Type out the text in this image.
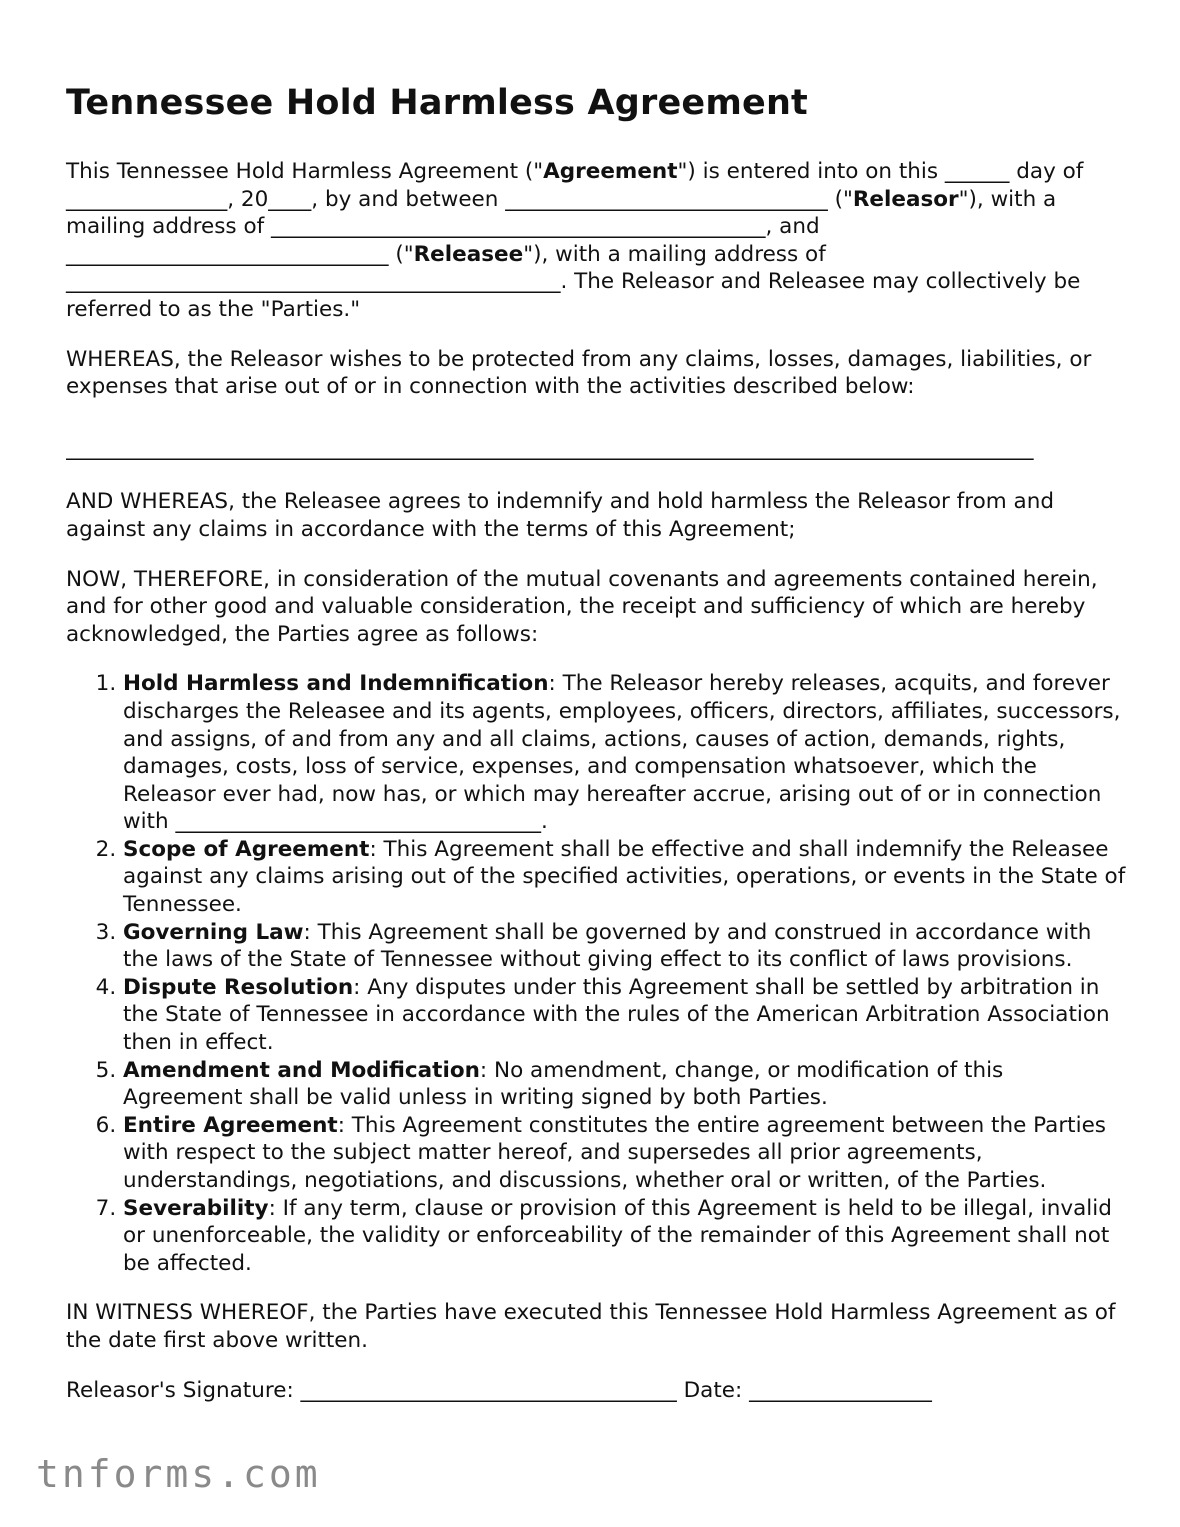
Tennessee Hold Harmless Agreement

This Tennessee Hold Harmless Agreement ("Agreement") is entered into on this ______ day of _______________, 20____, by and between ______________________________ ("Releasor"), with a mailing address of ______________________________________________, and ______________________________ ("Releasee"), with a mailing address of ______________________________________________. The Releasor and Releasee may collectively be referred to as the "Parties."

WHEREAS, the Releasor wishes to be protected from any claims, losses, damages, liabilities, or expenses that arise out of or in connection with the activities described below:

__________________________________________________________________________________________

AND WHEREAS, the Releasee agrees to indemnify and hold harmless the Releasor from and against any claims in accordance with the terms of this Agreement;

NOW, THEREFORE, in consideration of the mutual covenants and agreements contained herein, and for other good and valuable consideration, the receipt and sufficiency of which are hereby acknowledged, the Parties agree as follows:

1. Hold Harmless and Indemnification: The Releasor hereby releases, acquits, and forever discharges the Releasee and its agents, employees, officers, directors, affiliates, successors, and assigns, of and from any and all claims, actions, causes of action, demands, rights, damages, costs, loss of service, expenses, and compensation whatsoever, which the Releasor ever had, now has, or which may hereafter accrue, arising out of or in connection with __________________________________.
2. Scope of Agreement: This Agreement shall be effective and shall indemnify the Releasee against any claims arising out of the specified activities, operations, or events in the State of Tennessee.
3. Governing Law: This Agreement shall be governed by and construed in accordance with the laws of the State of Tennessee without giving effect to its conflict of laws provisions.
4. Dispute Resolution: Any disputes under this Agreement shall be settled by arbitration in the State of Tennessee in accordance with the rules of the American Arbitration Association then in effect.
5. Amendment and Modification: No amendment, change, or modification of this Agreement shall be valid unless in writing signed by both Parties.
6. Entire Agreement: This Agreement constitutes the entire agreement between the Parties with respect to the subject matter hereof, and supersedes all prior agreements, understandings, negotiations, and discussions, whether oral or written, of the Parties.
7. Severability: If any term, clause or provision of this Agreement is held to be illegal, invalid or unenforceable, the validity or enforceability of the remainder of this Agreement shall not be affected.

IN WITNESS WHEREOF, the Parties have executed this Tennessee Hold Harmless Agreement as of the date first above written.

Releasor's Signature: ___________________________________ Date: _________________
tnforms.com
